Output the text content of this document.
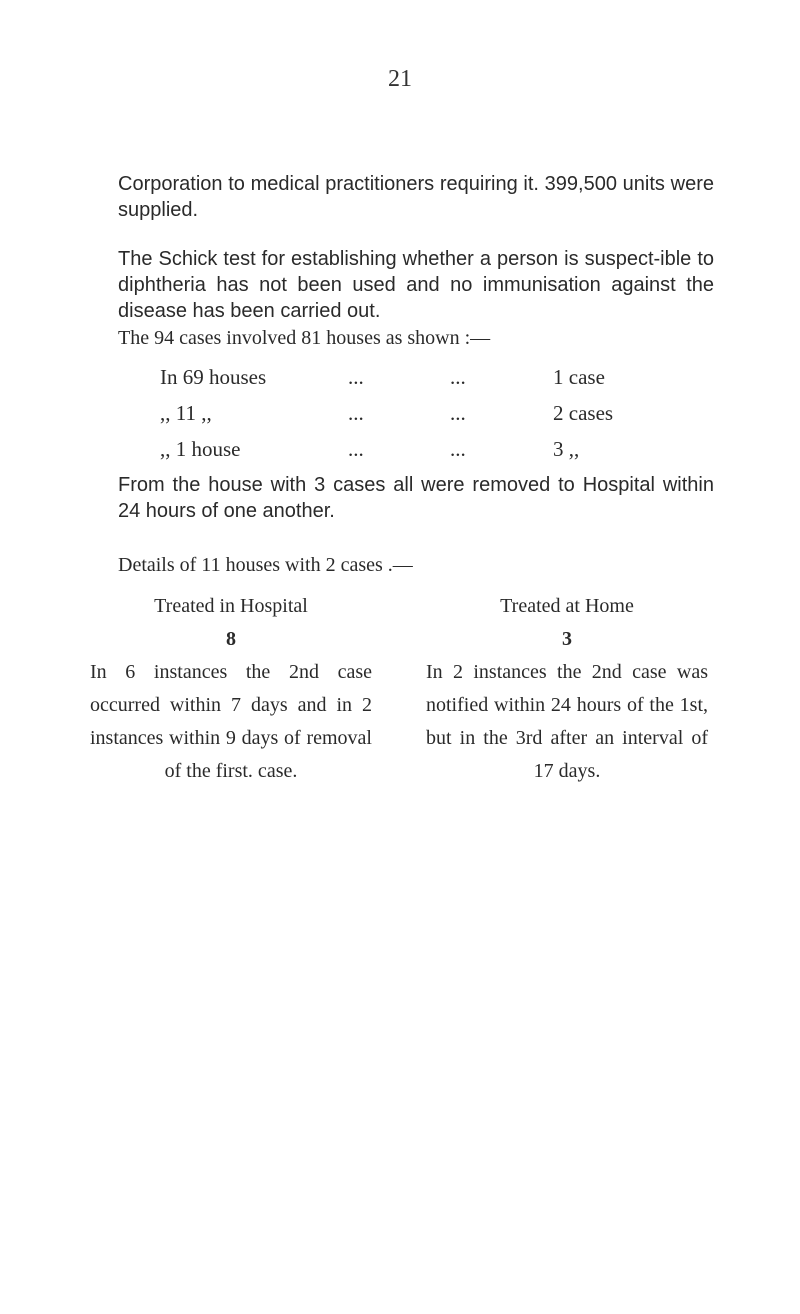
21

Corporation to medical practitioners requiring it. 399,500 units were supplied.

The Schick test for establishing whether a person is suspect-ible to diphtheria has not been used and no immunisation against the disease has been carried out.

The 94 cases involved 81 houses as shown :—
In 69 houses	...	...	1 case
,, 11 ,,	...	...	2 cases
,, 1 house	...	...	3 ,,

From the house with 3 cases all were removed to Hospital within 24 hours of one another.

Details of 11 houses with 2 cases .—
Treated in Hospital
8
In 6 instances the 2nd case occurred within 7 days and in 2 instances within 9 days of removal of the first. case.
Treated at Home
3
In 2 instances the 2nd case was notified within 24 hours of the 1st, but in the 3rd after an interval of 17 days.
